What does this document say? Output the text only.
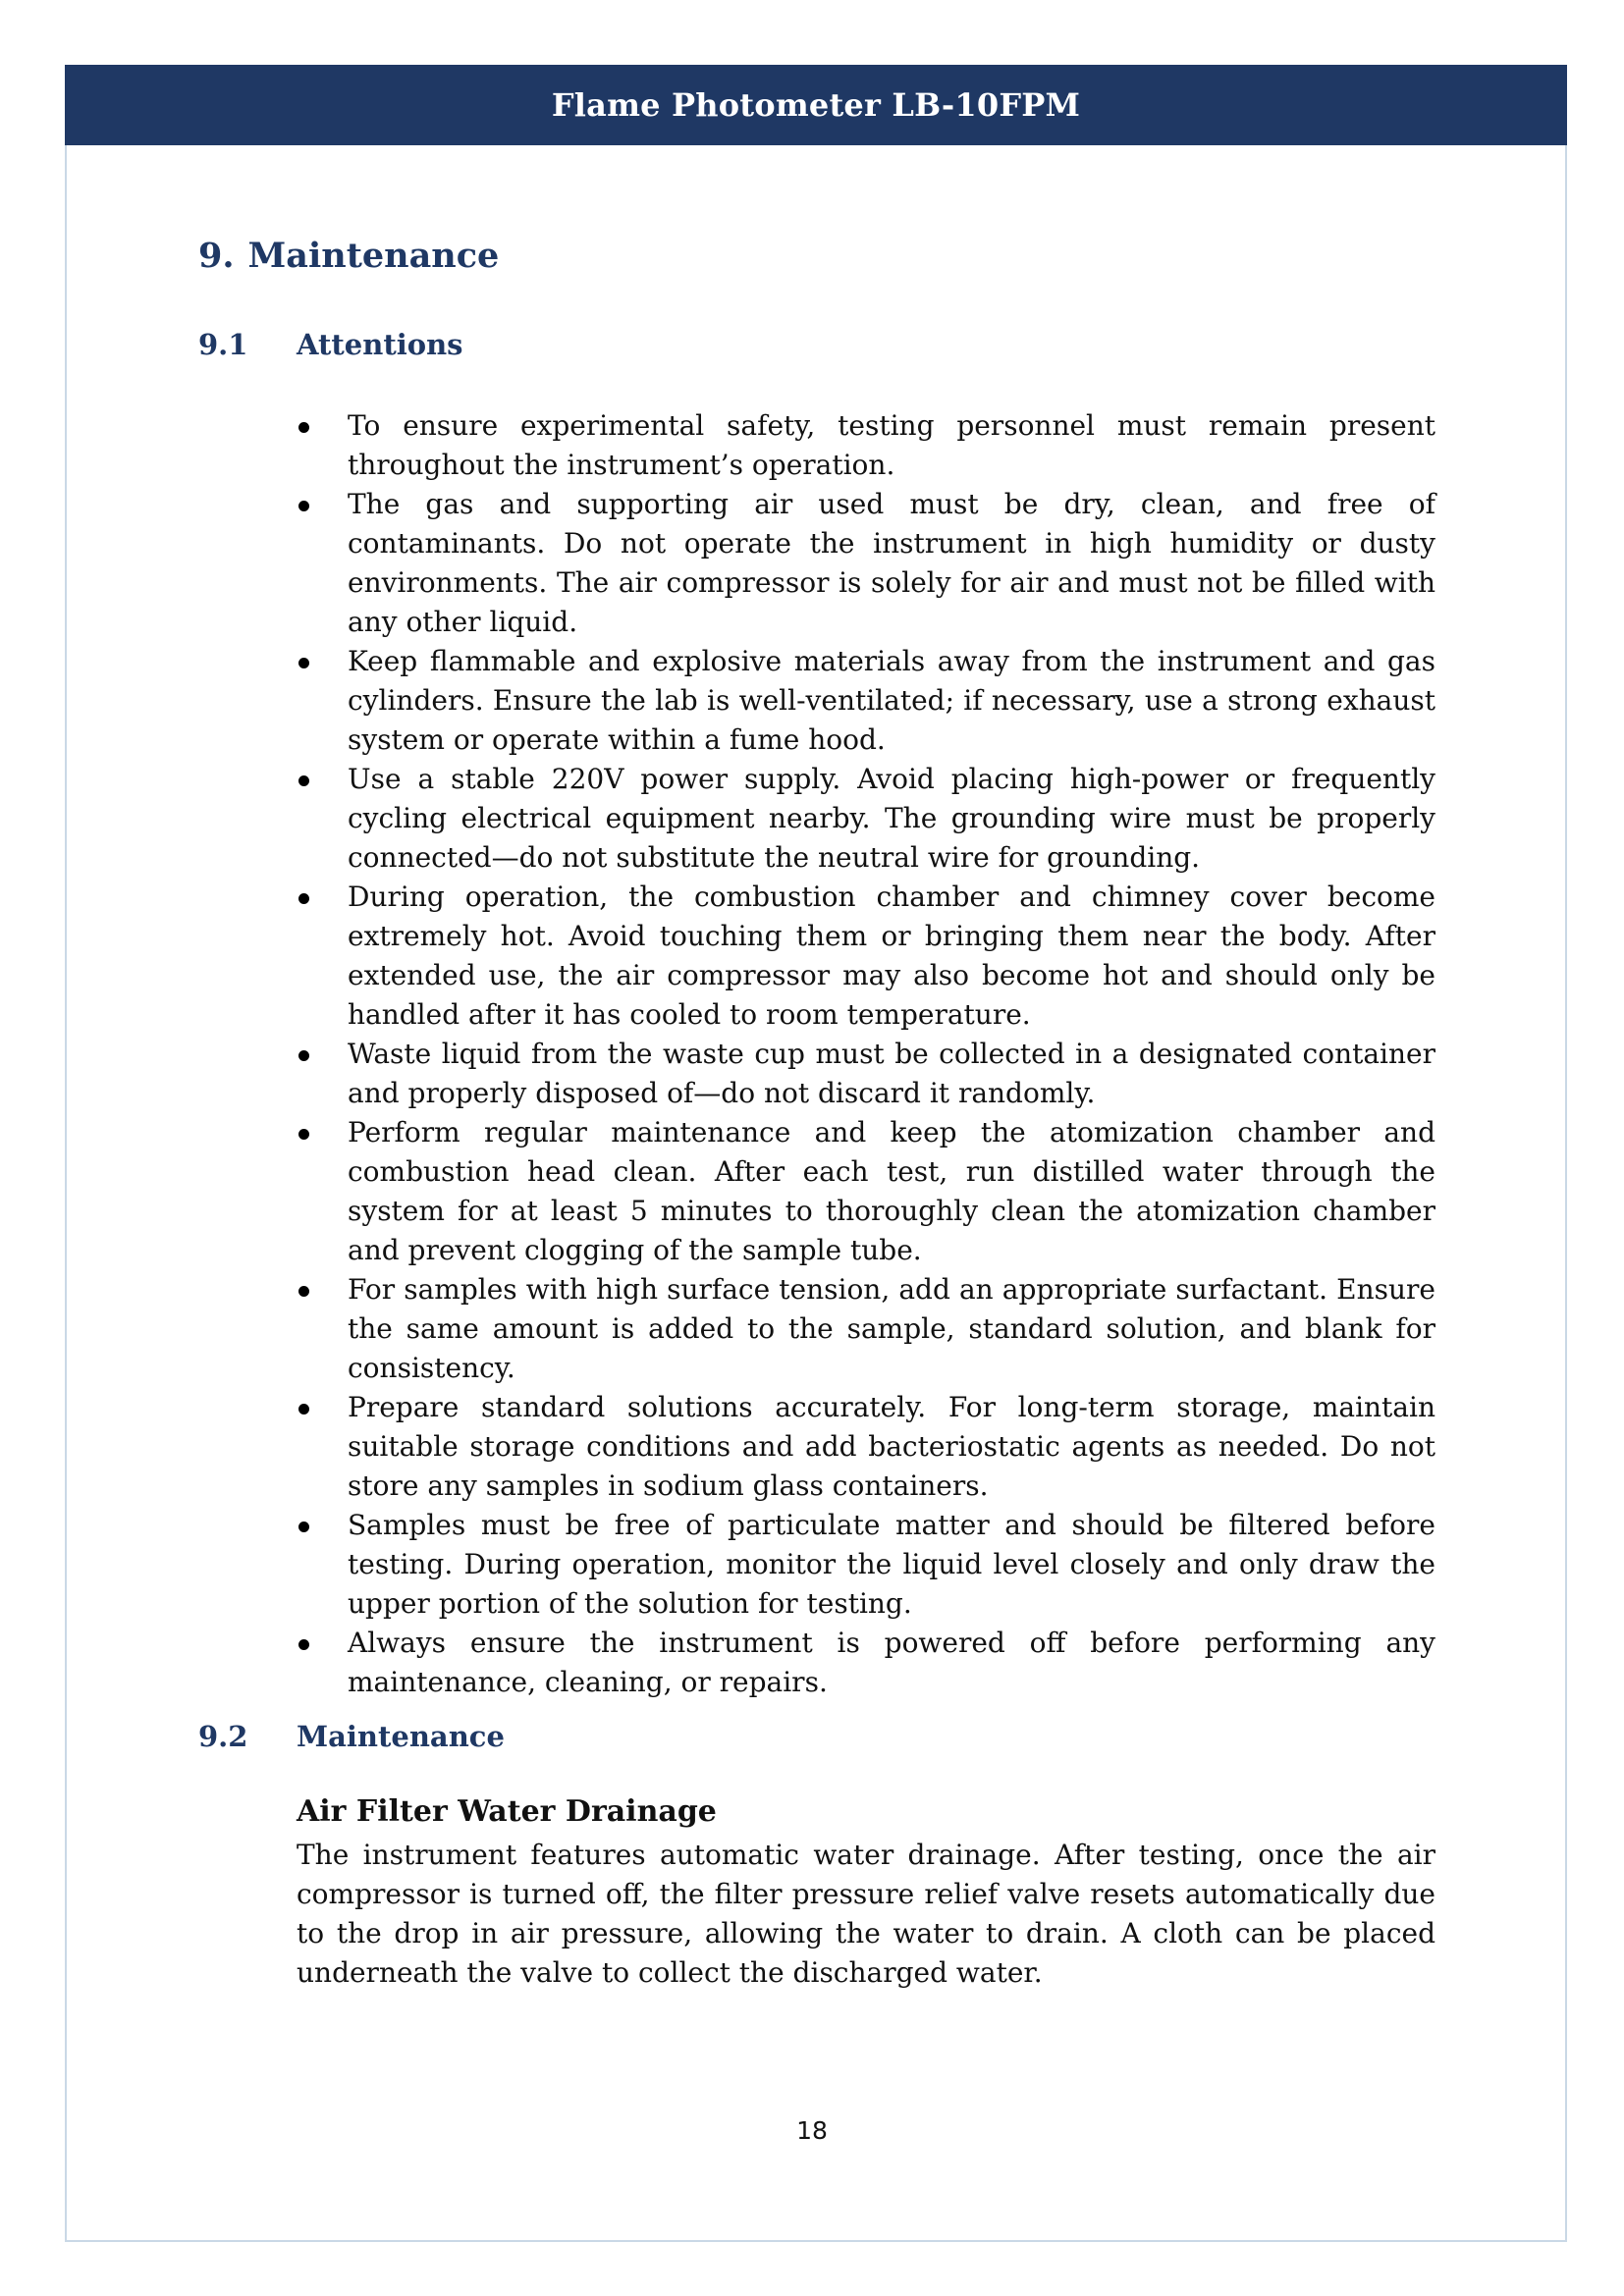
Flame Photometer LB-10FPM
9. Maintenance
9.1	Attentions
To ensure experimental safety, testing personnel must remain present throughout the instrument’s operation.
The gas and supporting air used must be dry, clean, and free of contaminants. Do not operate the instrument in high humidity or dusty environments. The air compressor is solely for air and must not be filled with any other liquid.
Keep flammable and explosive materials away from the instrument and gas cylinders. Ensure the lab is well-ventilated; if necessary, use a strong exhaust system or operate within a fume hood.
Use a stable 220V power supply. Avoid placing high-power or frequently cycling electrical equipment nearby. The grounding wire must be properly connected—do not substitute the neutral wire for grounding.
During operation, the combustion chamber and chimney cover become extremely hot. Avoid touching them or bringing them near the body. After extended use, the air compressor may also become hot and should only be handled after it has cooled to room temperature.
Waste liquid from the waste cup must be collected in a designated container and properly disposed of—do not discard it randomly.
Perform regular maintenance and keep the atomization chamber and combustion head clean. After each test, run distilled water through the system for at least 5 minutes to thoroughly clean the atomization chamber and prevent clogging of the sample tube.
For samples with high surface tension, add an appropriate surfactant. Ensure the same amount is added to the sample, standard solution, and blank for consistency.
Prepare standard solutions accurately. For long-term storage, maintain suitable storage conditions and add bacteriostatic agents as needed. Do not store any samples in sodium glass containers.
Samples must be free of particulate matter and should be filtered before testing. During operation, monitor the liquid level closely and only draw the upper portion of the solution for testing.
Always ensure the instrument is powered off before performing any maintenance, cleaning, or repairs.
9.2	Maintenance
Air Filter Water Drainage

The instrument features automatic water drainage. After testing, once the air compressor is turned off, the filter pressure relief valve resets automatically due to the drop in air pressure, allowing the water to drain. A cloth can be placed underneath the valve to collect the discharged water.

18
